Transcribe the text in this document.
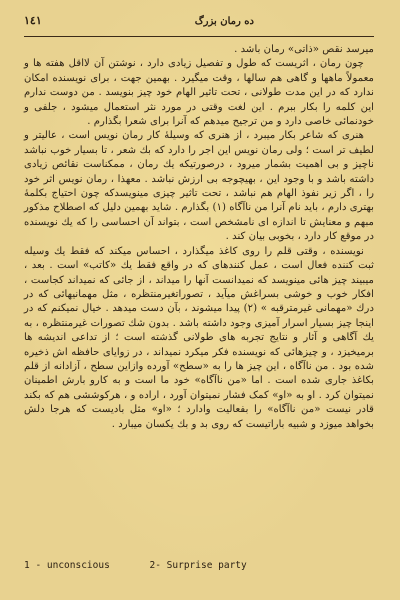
١٤١	ده رمان بزرگ

میرسد نقص «ذاتی» رمان باشد .

چون رمان ، اثریست که طول و تفصیل زیادی دارد ، نوشتن آن لااقل هفته ها و معمولاً ماهها و گاهی هم سالها ، وقت میگیرد . بهمین جهت ، برای نویسنده امکان ندارد که در این مدت طولانی ، تحت تاثیر الهام خود چیز بنویسد . من دوست ندارم این کلمه را بکار ببرم . این لغت وقتی در مورد نثر استعمال میشود ، جلفی و خودنمائی خاصی دارد و من ترجیح میدهم که آنرا برای شعرا بگذارم .

هنری که شاعر بکار میبرد ، از هنری که وسیلهٔ کار رمان نویس است ، عالیتر و لطیف تر است ؛ ولی رمان نویس این اجر را دارد که بك شعر ، تا بسیار خوب نباشد ناچیز و بی اهمیت بشمار میرود ، درصورتیکه یك رمان ، ممکناست نقائص زیادی داشته باشد و با وجود این ، بهیچوجه بی ارزش نباشد . معهذا ، رمان نویس اثر خود را ، اگر زیر نفوذ الهام هم نباشد ، تحت تاثیر چیزی مینویسدکه چون احتیاج بکلمهٔ بهتری دارم ، باید نام آنرا من ناآگاه (١) بگذارم . شاید بهمین دلیل که اصطلاح مذکور مبهم و معنایش تا اندازه ای نامشخص است ، بتواند آن احساسی را که یك نویسنده در موقع کار دارد ، بخوبی بیان کند .

نویسنده ، وقتی قلم را روی کاغذ میگذارد ، احساس میکند که فقط یك وسیله ثبت کننده فعال است ، عمل کنندهای که در واقع فقط یك «کاتب» است . بعد ، میبیند چیز هائی مینویسد که نمیدانست آنها را میداند ، از جائی که نمیداند کجاست ، افکار خوب و خوشی بسراغش میآید ، تصوراتغیرمنتظره ، مثل مهمانیهائی که در درك «مهمانی غیرمترقبه » (٢) پیدا میشوند ، بآن دست میدهد . خیال نمیکنم که در اینجا چیز بسیار اسرار آمیزی وجود داشته باشد . بدون شك تصورات غیرمنتظره ، به یك آگاهی و آثار و نتایج تجربه های طولانی گذشته است ؛ از تداعی اندیشه ها برمیخیزد ، و چیزهائی که نویسنده فکر میکرد نمیداند ، در زوایای حافظه اش ذخیره شده بود . من ناآگاه ، این چیز ها را به «سطح» آورده وازاین سطح ، آزادانه از قلم بکاغذ جاری شده است . اما «من ناآگاه» خود ما است و به کارو بارش اطمینان نمیتوان کرد . او به «او» کمک فشار نمیتوان آورد ، اراده و ، هرکوششی هم که بکند قادر نیست «من ناآگاه» را بفعالیت وادارد ؛ «او» مثل بادیست که هرجا دلش بخواهد میوزد و شبیه باراتیست که روی بد و بك یکسان میبارد .

1 - unconscious	2- Surprise party
